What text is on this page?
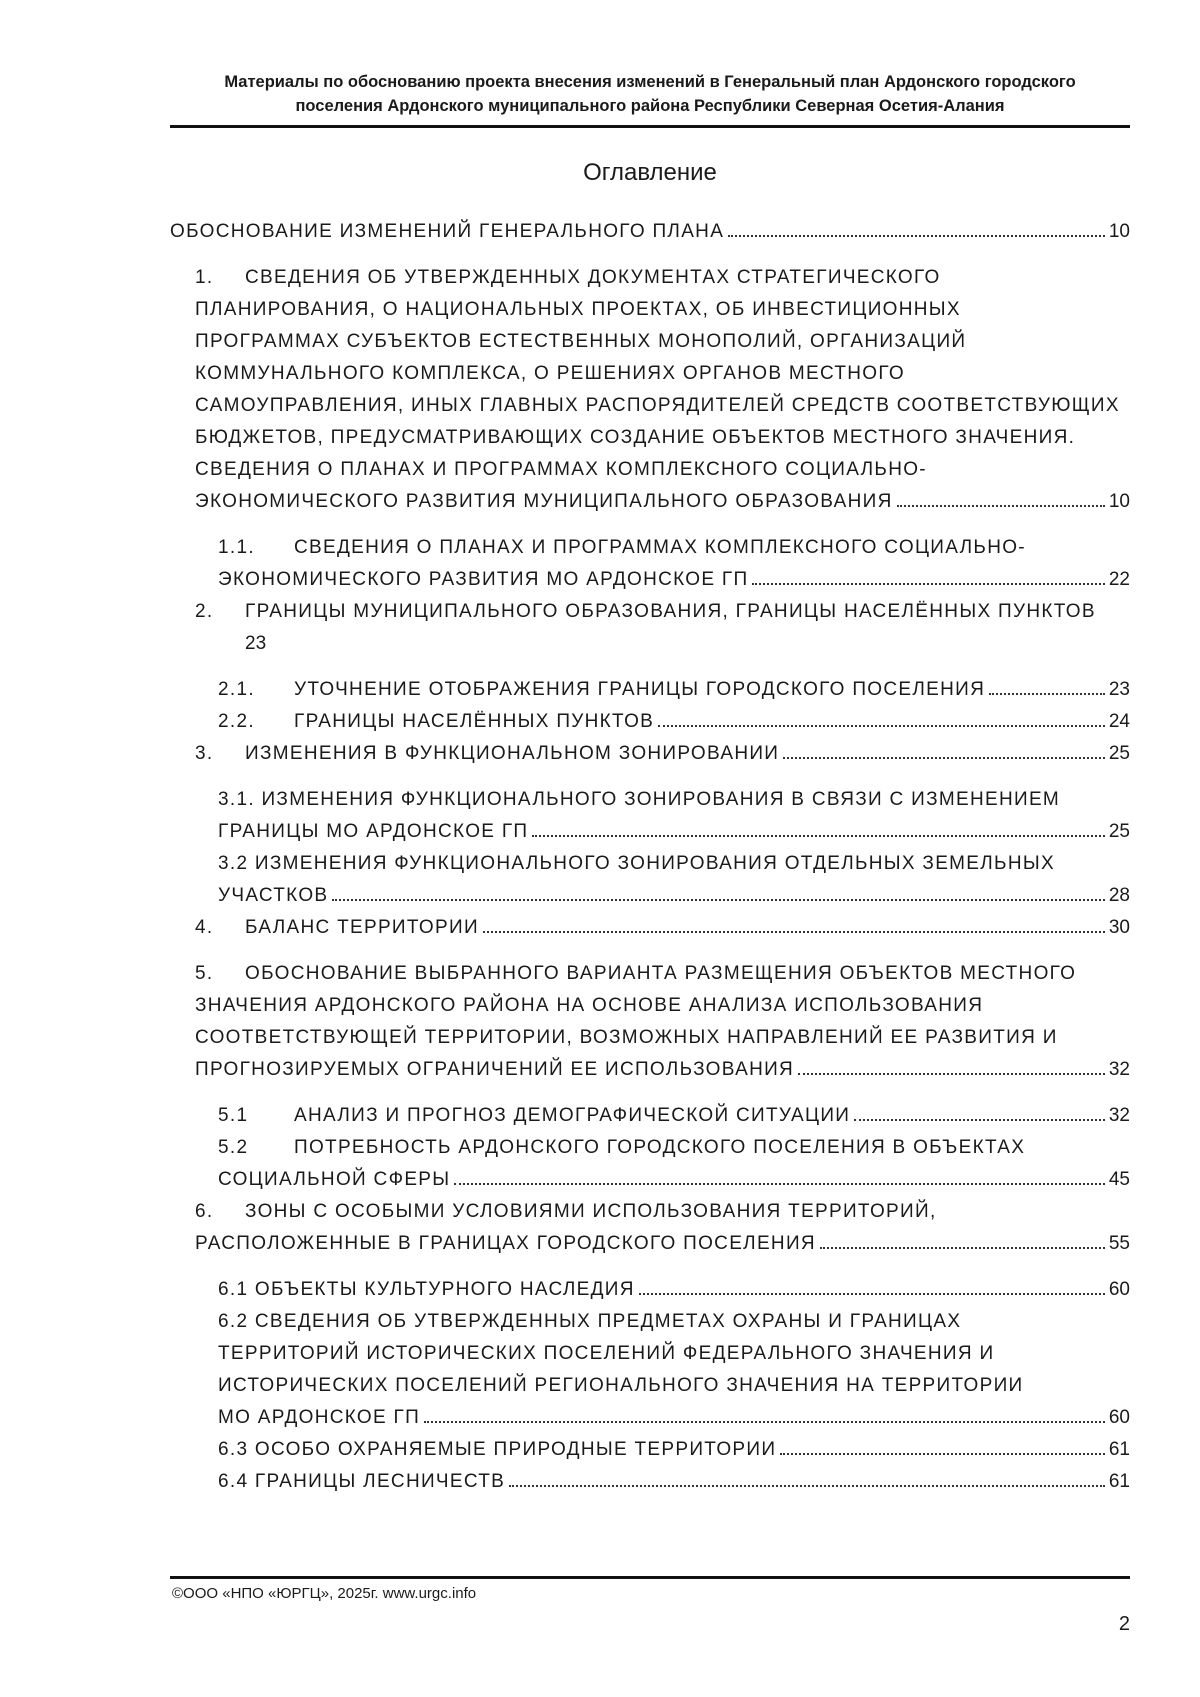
Материалы по обоснованию проекта внесения изменений в Генеральный план Ардонского городского
поселения Ардонского муниципального района Республики Северная Осетия-Алания
Оглавление
ОБОСНОВАНИЕ ИЗМЕНЕНИЙ ГЕНЕРАЛЬНОГО ПЛАНА	10
1.	СВЕДЕНИЯ ОБ УТВЕРЖДЕННЫХ ДОКУМЕНТАХ СТРАТЕГИЧЕСКОГО
ПЛАНИРОВАНИЯ, О НАЦИОНАЛЬНЫХ ПРОЕКТАХ, ОБ ИНВЕСТИЦИОННЫХ
ПРОГРАММАХ СУБЪЕКТОВ ЕСТЕСТВЕННЫХ МОНОПОЛИЙ, ОРГАНИЗАЦИЙ
КОММУНАЛЬНОГО КОМПЛЕКСА, О РЕШЕНИЯХ ОРГАНОВ МЕСТНОГО
САМОУПРАВЛЕНИЯ, ИНЫХ ГЛАВНЫХ РАСПОРЯДИТЕЛЕЙ СРЕДСТВ СООТВЕТСТВУЮЩИХ
БЮДЖЕТОВ, ПРЕДУСМАТРИВАЮЩИХ СОЗДАНИЕ ОБЪЕКТОВ МЕСТНОГО ЗНАЧЕНИЯ.
СВЕДЕНИЯ О ПЛАНАХ И ПРОГРАММАХ КОМПЛЕКСНОГО СОЦИАЛЬНО-
ЭКОНОМИЧЕСКОГО РАЗВИТИЯ МУНИЦИПАЛЬНОГО ОБРАЗОВАНИЯ	10
1.1.	СВЕДЕНИЯ О ПЛАНАХ И ПРОГРАММАХ КОМПЛЕКСНОГО СОЦИАЛЬНО-
ЭКОНОМИЧЕСКОГО РАЗВИТИЯ МО АРДОНСКОЕ ГП	22
2.	ГРАНИЦЫ МУНИЦИПАЛЬНОГО ОБРАЗОВАНИЯ, ГРАНИЦЫ НАСЕЛЁННЫХ ПУНКТОВ
23
2.1.	УТОЧНЕНИЕ ОТОБРАЖЕНИЯ ГРАНИЦЫ ГОРОДСКОГО ПОСЕЛЕНИЯ	23
2.2.	ГРАНИЦЫ НАСЕЛЁННЫХ ПУНКТОВ	24
3.	ИЗМЕНЕНИЯ В ФУНКЦИОНАЛЬНОМ ЗОНИРОВАНИИ	25
3.1. ИЗМЕНЕНИЯ ФУНКЦИОНАЛЬНОГО ЗОНИРОВАНИЯ В СВЯЗИ С ИЗМЕНЕНИЕМ
ГРАНИЦЫ МО АРДОНСКОЕ ГП	25
3.2 ИЗМЕНЕНИЯ ФУНКЦИОНАЛЬНОГО ЗОНИРОВАНИЯ ОТДЕЛЬНЫХ ЗЕМЕЛЬНЫХ
УЧАСТКОВ	28
4.	БАЛАНС ТЕРРИТОРИИ	30
5.	ОБОСНОВАНИЕ ВЫБРАННОГО ВАРИАНТА РАЗМЕЩЕНИЯ ОБЪЕКТОВ МЕСТНОГО
ЗНАЧЕНИЯ АРДОНСКОГО РАЙОНА НА ОСНОВЕ АНАЛИЗА ИСПОЛЬЗОВАНИЯ
СООТВЕТСТВУЮЩЕЙ ТЕРРИТОРИИ, ВОЗМОЖНЫХ НАПРАВЛЕНИЙ ЕЕ РАЗВИТИЯ И
ПРОГНОЗИРУЕМЫХ ОГРАНИЧЕНИЙ ЕЕ ИСПОЛЬЗОВАНИЯ	32
5.1	АНАЛИЗ И ПРОГНОЗ ДЕМОГРАФИЧЕСКОЙ СИТУАЦИИ	32
5.2	ПОТРЕБНОСТЬ АРДОНСКОГО ГОРОДСКОГО ПОСЕЛЕНИЯ В ОБЪЕКТАХ
СОЦИАЛЬНОЙ СФЕРЫ	45
6.	ЗОНЫ С ОСОБЫМИ УСЛОВИЯМИ ИСПОЛЬЗОВАНИЯ ТЕРРИТОРИЙ,
РАСПОЛОЖЕННЫЕ В ГРАНИЦАХ ГОРОДСКОГО ПОСЕЛЕНИЯ	55
6.1 ОБЪЕКТЫ КУЛЬТУРНОГО НАСЛЕДИЯ	60
6.2 СВЕДЕНИЯ ОБ УТВЕРЖДЕННЫХ ПРЕДМЕТАХ ОХРАНЫ И ГРАНИЦАХ
ТЕРРИТОРИЙ ИСТОРИЧЕСКИХ ПОСЕЛЕНИЙ ФЕДЕРАЛЬНОГО ЗНАЧЕНИЯ И
ИСТОРИЧЕСКИХ ПОСЕЛЕНИЙ РЕГИОНАЛЬНОГО ЗНАЧЕНИЯ НА ТЕРРИТОРИИ
МО АРДОНСКОЕ ГП	60
6.3 ОСОБО ОХРАНЯЕМЫЕ ПРИРОДНЫЕ ТЕРРИТОРИИ	61
6.4 ГРАНИЦЫ ЛЕСНИЧЕСТВ	61
©ООО «НПО «ЮРГЦ», 2025г. www.urgc.info
2
